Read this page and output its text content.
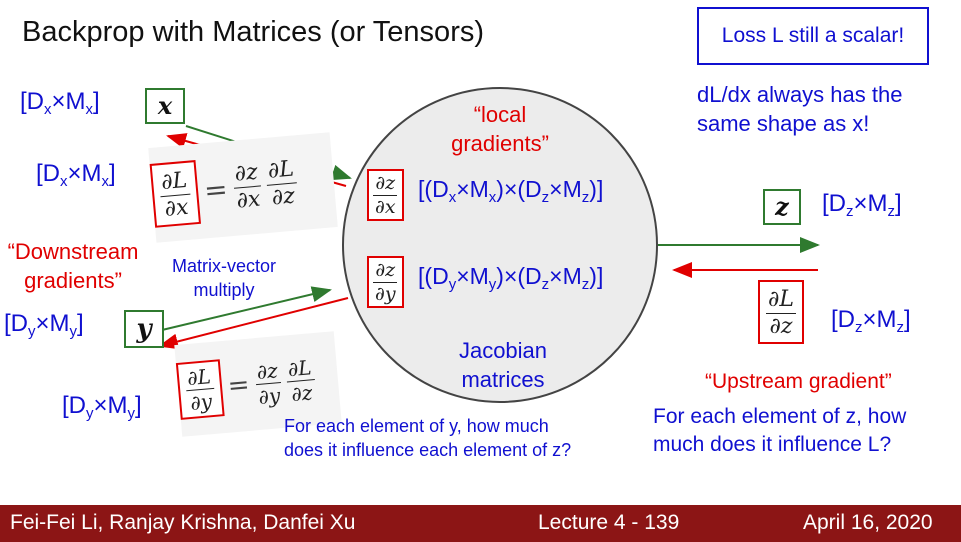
Backprop with Matrices (or Tensors)	Loss L still a scalar!
dL/dx always has the
same shape as x!
$[D_x\times M_x]$	x
$[D_x\times M_x] \frac{\partial L}{\partial x} = \frac{\partial z}{\partial x} \frac{\partial L}{\partial z}$
“Downstream
gradients”
Matrix-vector
multiply
$[D_y\times M_y]$	y
$\frac{\partial L}{\partial y} = \frac{\partial z}{\partial y} \frac{\partial L}{\partial z}$
$[D_y\times M_y]$
“local
gradients”
$\frac{\partial z}{\partial x} [(D_x\times M_x)\times(D_z\times M_z)]$
$\frac{\partial z}{\partial y} [(D_y\times M_y)\times(D_z\times M_z)]$
Jacobian
matrices
For each element of y, how much
does it influence each element of z?
z	$[D_z\times M_z]$
$\frac{\partial L}{\partial z} [D_z\times M_z]$
“Upstream gradient”
For each element of z, how
much does it influence L?
Fei-Fei Li, Ranjay Krishna, Danfei Xu	Lecture 4 - 139	April 16, 2020
